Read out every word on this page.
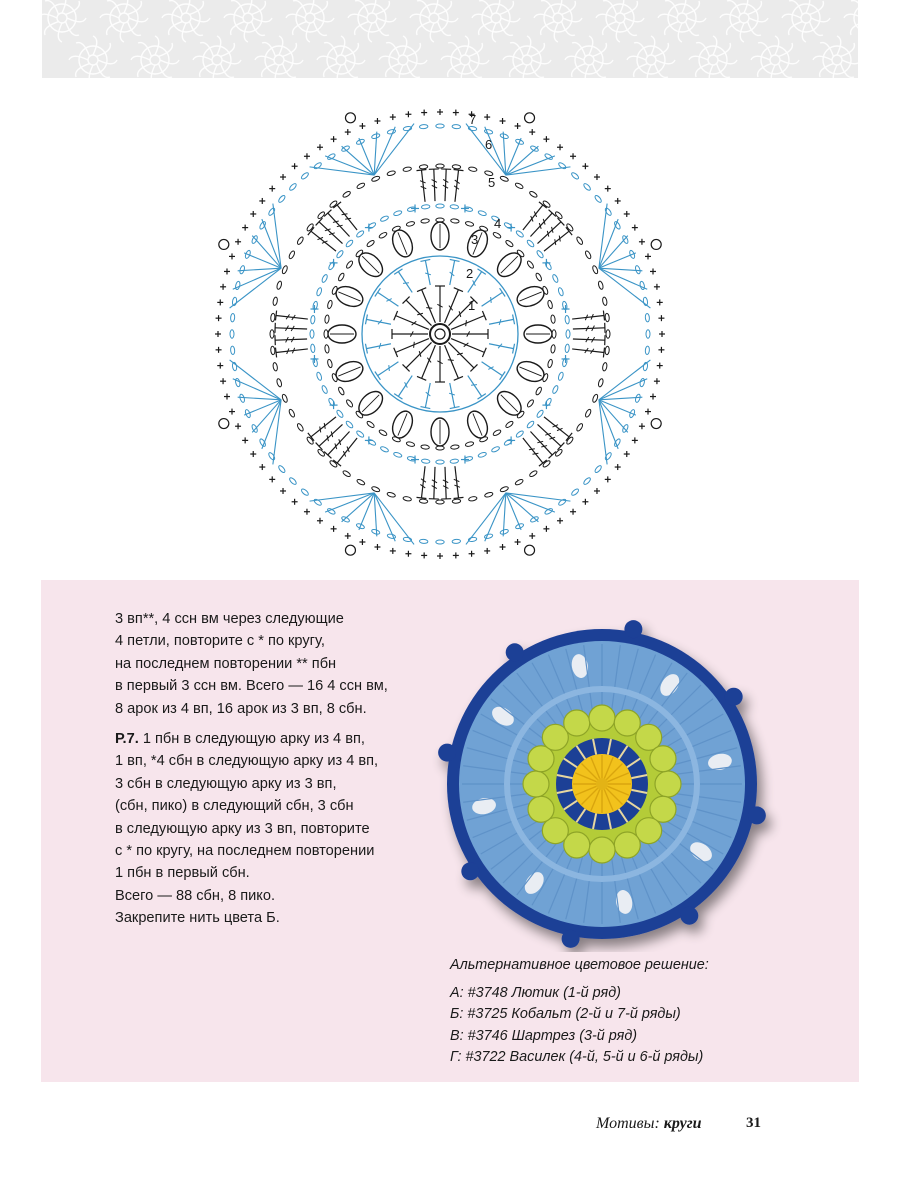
1
2
3
4
5
6
7

3 вп**, 4 ссн вм через следующие

4 петли, повторите с * по кругу,

на последнем повторении ** пбн

в первый 3 ссн вм. Всего — 16 4 ссн вм,

8 арок из 4 вп, 16 арок из 3 вп, 8 сбн.

Р.7. 1 пбн в следующую арку из 4 вп,

1 вп, *4 сбн в следующую арку из 4 вп,

3 сбн в следующую арку из 3 вп,

(сбн, пико) в следующий сбн, 3 сбн

в следующую арку из 3 вп, повторите

с * по кругу, на последнем повторении

1 пбн в первый сбн.

Всего — 88 сбн, 8 пико.

Закрепите нить цвета Б.

Альтернативное цветовое решение:
А: #3748 Лютик (1-й ряд)
Б: #3725 Кобальт (2-й и 7-й ряды)
В: #3746 Шартрез (3-й ряд)
Г: #3722 Василек (4-й, 5-й и 6-й ряды)
Мотивы: круги	31
